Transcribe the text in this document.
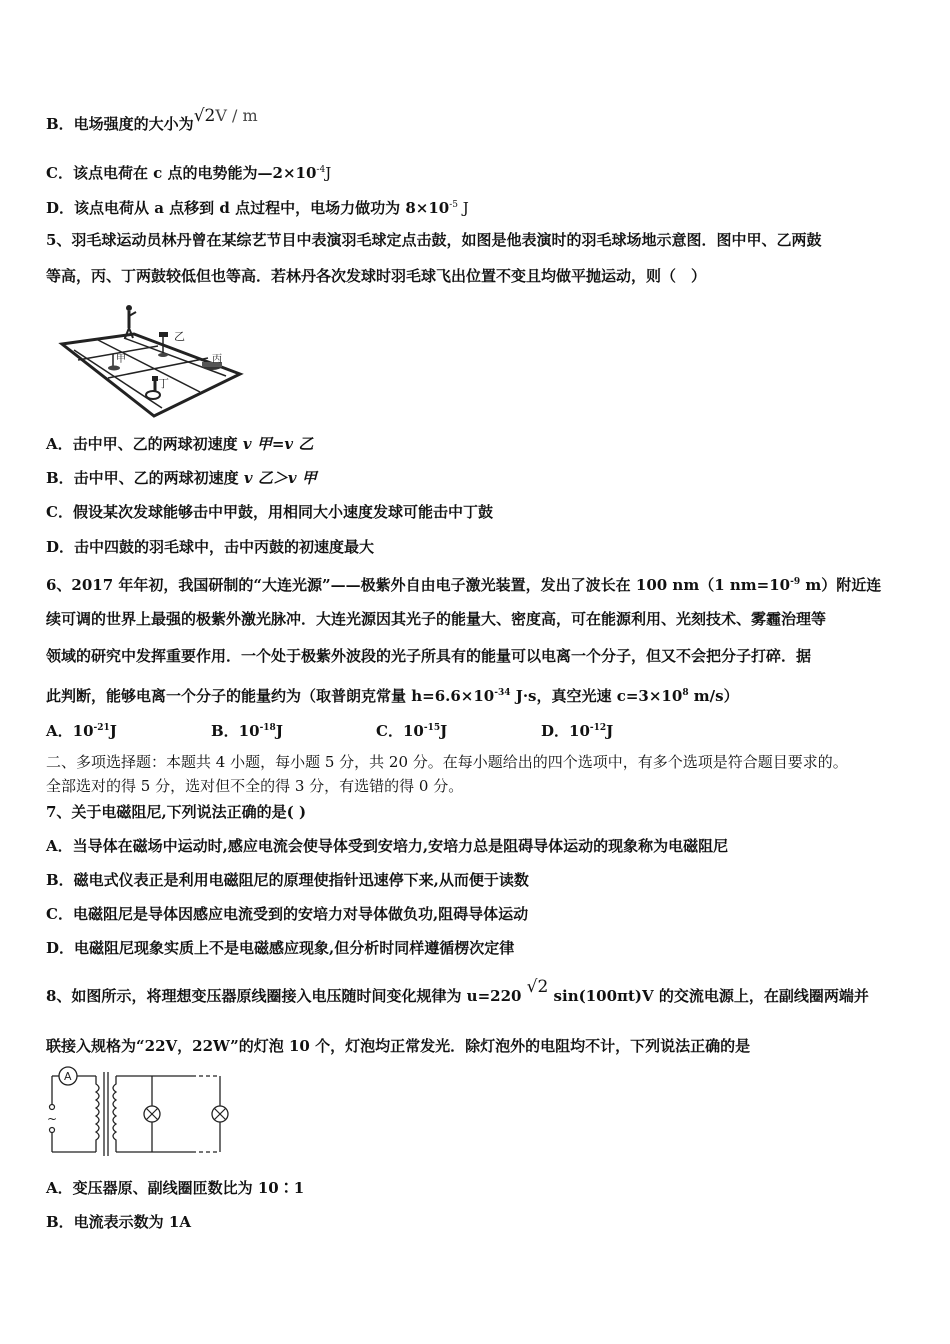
B．电场强度的大小为√2V / m
C．该点电荷在 c 点的电势能为$—2\times 10^{-4}J$
D．该点电荷从 a 点移到 d 点过程中，电场力做功为 $8\times 10^{-5}$ J
5、羽毛球运动员林丹曾在某综艺节目中表演羽毛球定点击鼓，如图是他表演时的羽毛球场地示意图．图中甲、乙两鼓
等高，丙、丁两鼓较低但也等高．若林丹各次发球时羽毛球飞出位置不变且均做平抛运动，则（　）
乙
甲	丙
丁
A．击中甲、乙的两球初速度 v 甲=v 乙
B．击中甲、乙的两球初速度 v 乙＞v 甲
C．假设某次发球能够击中甲鼓，用相同大小速度发球可能击中丁鼓
D．击中四鼓的羽毛球中，击中丙鼓的初速度最大
6、2017 年年初，我国研制的“大连光源”——极紫外自由电子激光装置，发出了波长在 100 nm（1 $nm=10^{-9}$ m）附近连
续可调的世界上最强的极紫外激光脉冲．大连光源因其光子的能量大、密度高，可在能源利用、光刻技术、雾霾治理等
领域的研究中发挥重要作用．一个处于极紫外波段的光子所具有的能量可以电离一个分子，但又不会把分子打碎．据
此判断，能够电离一个分子的能量约为（取普朗克常量 $h=6.6\times 10^{-34}$ J·s，真空光速 $c=3\times 10^8$ m/s）
A．$10^{-21}J$	B．$10^{-18}J$	C．$10^{-15}J$	D．$10^{-12}J$
二、多项选择题：本题共 4 小题，每小题 5 分，共 20 分。在每小题给出的四个选项中，有多个选项是符合题目要求的。
全部选对的得 5 分，选对但不全的得 3 分，有选错的得 0 分。
7、关于电磁阻尼,下列说法正确的是( )
A．当导体在磁场中运动时,感应电流会使导体受到安培力,安培力总是阻碍导体运动的现象称为电磁阻尼
B．磁电式仪表正是利用电磁阻尼的原理使指针迅速停下来,从而便于读数
C．电磁阻尼是导体因感应电流受到的安培力对导体做负功,阻碍导体运动
D．电磁阻尼现象实质上不是电磁感应现象,但分析时同样遵循楞次定律
8、如图所示，将理想变压器原线圈接入电压随时间变化规律为 u=220 √2 sin(100πt)V 的交流电源上，在副线圈两端并
联接入规格为“22V，22W”的灯泡 10 个，灯泡均正常发光．除灯泡外的电阻均不计，下列说法正确的是
A
~
A．变压器原、副线圈匝数比为 10∶1
B．电流表示数为 1A
